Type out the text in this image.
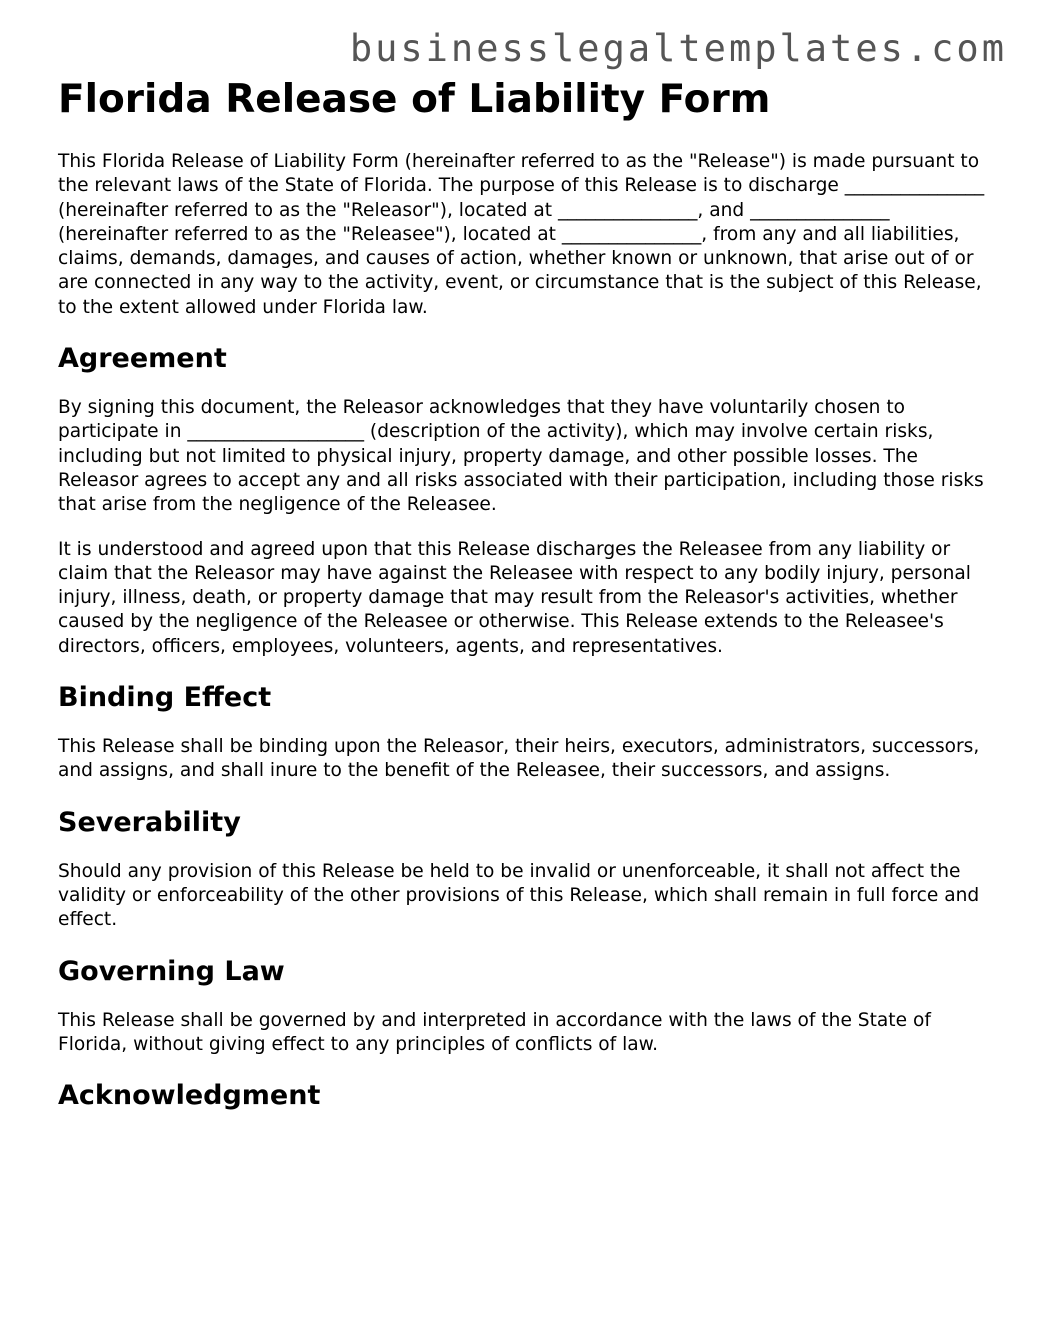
businesslegaltemplates.com
Florida Release of Liability Form

This Florida Release of Liability Form (hereinafter referred to as the "Release") is made pursuant to the relevant laws of the State of Florida. The purpose of this Release is to discharge _______________ (hereinafter referred to as the "Releasor"), located at _______________, and _______________ (hereinafter referred to as the "Releasee"), located at _______________, from any and all liabilities, claims, demands, damages, and causes of action, whether known or unknown, that arise out of or are connected in any way to the activity, event, or circumstance that is the subject of this Release, to the extent allowed under Florida law.

Agreement

By signing this document, the Releasor acknowledges that they have voluntarily chosen to participate in ___________________ (description of the activity), which may involve certain risks, including but not limited to physical injury, property damage, and other possible losses. The Releasor agrees to accept any and all risks associated with their participation, including those risks that arise from the negligence of the Releasee.

It is understood and agreed upon that this Release discharges the Releasee from any liability or claim that the Releasor may have against the Releasee with respect to any bodily injury, personal injury, illness, death, or property damage that may result from the Releasor's activities, whether caused by the negligence of the Releasee or otherwise. This Release extends to the Releasee's directors, officers, employees, volunteers, agents, and representatives.

Binding Effect

This Release shall be binding upon the Releasor, their heirs, executors, administrators, successors, and assigns, and shall inure to the benefit of the Releasee, their successors, and assigns.

Severability

Should any provision of this Release be held to be invalid or unenforceable, it shall not affect the validity or enforceability of the other provisions of this Release, which shall remain in full force and effect.

Governing Law

This Release shall be governed by and interpreted in accordance with the laws of the State of Florida, without giving effect to any principles of conflicts of law.

Acknowledgment
